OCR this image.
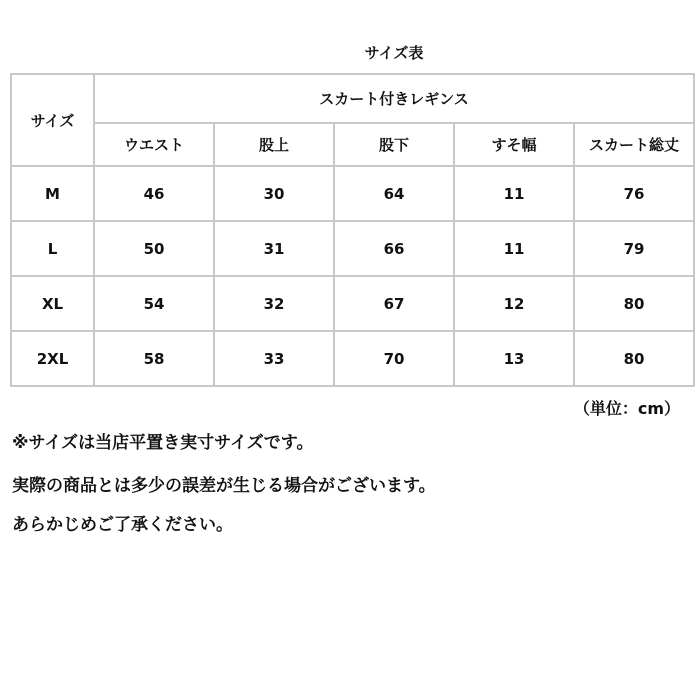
サイズ表
サイズ	スカート付きレギンス				
	ウエスト	股上	股下	すそ幅	スカート総丈
M	46	30	64	11	76
L	50	31	66	11	79
XL	54	32	67	12	80
2XL	58	33	70	13	80
（単位：cm）
※サイズは当店平置き実寸サイズです。
実際の商品とは多少の誤差が生じる場合がございます。
あらかじめご了承ください。
